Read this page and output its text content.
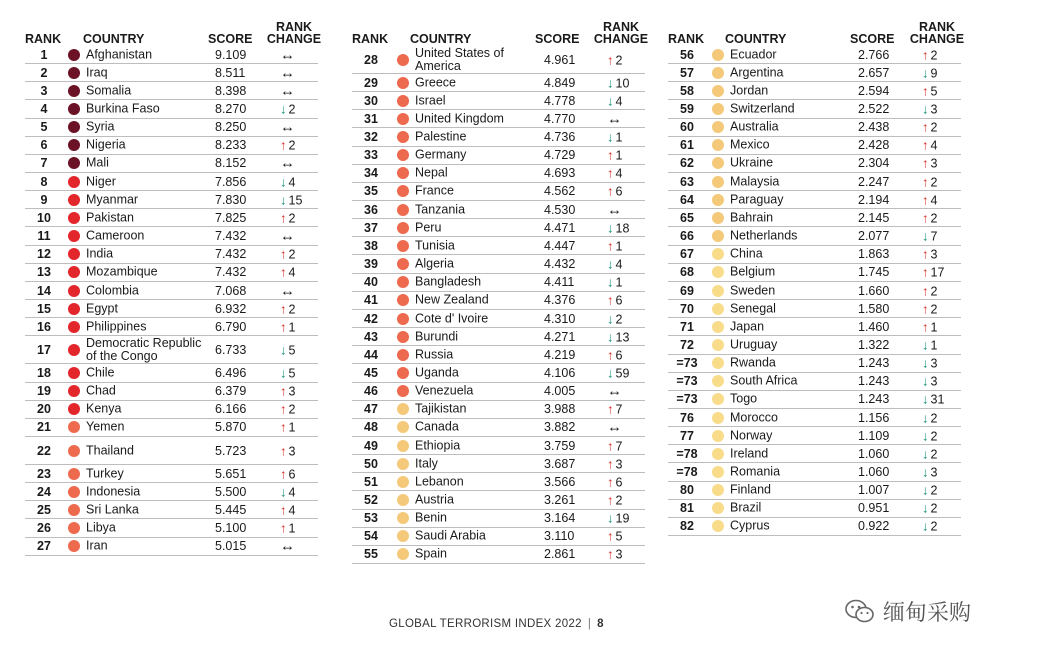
RANK COUNTRY	SCORE
RANK
CHANGE
1	Afghanistan	9.109 ↔
2	Iraq	8.511 ↔
3	Somalia	8.398 ↔
4	Burkina Faso	8.270	↓ 2
5	Syria	8.250 ↔
6	Nigeria	8.233	↑ 2
7	Mali	8.152 ↔
8	Niger	7.856	↓ 4
9	Myanmar	7.830	↓ 15
10	Pakistan	7.825	↑ 2
11	Cameroon	7.432 ↔
12	India	7.432	↑ 2
13	Mozambique	7.432	↑ 4
14	Colombia	7.068 ↔
15	Egypt	6.932	↑ 2
16	Philippines	6.790	↑ 1
17	Democratic Republic of the Congo	6.733	↓ 5
18	Chile	6.496	↓ 5
19	Chad	6.379	↑ 3
20	Kenya	6.166	↑ 2
21	Yemen	5.870	↑ 1
22	Thailand	5.723	↑ 3
23	Turkey	5.651	↑ 6
24	Indonesia	5.500	↓ 4
25	Sri Lanka	5.445	↑ 4
26	Libya	5.100	↑ 1
27	Iran	5.015 ↔
RANK COUNTRY	SCORE
RANK
CHANGE
28	United States of America	4.961 ↑ 2
29	Greece	4.849 ↓ 10
30	Israel	4.778 ↓ 4
31	United Kingdom	4.770 ↔
32	Palestine	4.736 ↓ 1
33	Germany	4.729 ↑ 1
34	Nepal	4.693 ↑ 4
35	France	4.562 ↑ 6
36	Tanzania	4.530 ↔
37	Peru	4.471 ↓ 18
38	Tunisia	4.447 ↑ 1
39	Algeria	4.432 ↓ 4
40	Bangladesh	4.411	↓ 1
41	New Zealand	4.376 ↑ 6
42	Cote d' Ivoire	4.310 ↓ 2
43	Burundi	4.271 ↓ 13
44	Russia	4.219 ↑ 6
45	Uganda	4.106 ↓ 59
46	Venezuela	4.005 ↔
47	Tajikistan	3.988 ↑ 7
48	Canada	3.882 ↔
49	Ethiopia	3.759 ↑ 7
50	Italy	3.687 ↑ 3
51	Lebanon	3.566 ↑ 6
52	Austria	3.261 ↑ 2
53	Benin	3.164 ↓ 19
54	Saudi Arabia	3.110	↑ 5
55	Spain	2.861 ↑ 3
RANK COUNTRY	SCORE
RANK
CHANGE
56	Ecuador	2.766	↑ 2
57	Argentina	2.657	↓ 9
58	Jordan	2.594	↑ 5
59	Switzerland	2.522	↓ 3
60	Australia	2.438	↑ 2
61	Mexico	2.428	↑ 4
62	Ukraine	2.304	↑ 3
63	Malaysia	2.247	↑ 2
64	Paraguay	2.194	↑ 4
65	Bahrain	2.145	↑ 2
66	Netherlands	2.077	↓ 7
67	China	1.863	↑ 3
68	Belgium	1.745	↑ 17
69	Sweden	1.660	↑ 2
70	Senegal	1.580	↑ 2
71	Japan	1.460	↑ 1
72	Uruguay	1.322	↓ 1
=73	Rwanda	1.243	↓ 3
=73	South Africa	1.243	↓ 3
=73	Togo	1.243	↓ 31
76	Morocco	1.156	↓ 2
77	Norway	1.109	↓ 2
=78	Ireland	1.060	↓ 2
=78	Romania	1.060	↓ 3
80	Finland	1.007	↓ 2
81	Brazil	0.951	↓ 2
82	Cyprus	0.922	↓ 2
GLOBAL TERRORISM INDEX 2022 | 8	缅甸采购
